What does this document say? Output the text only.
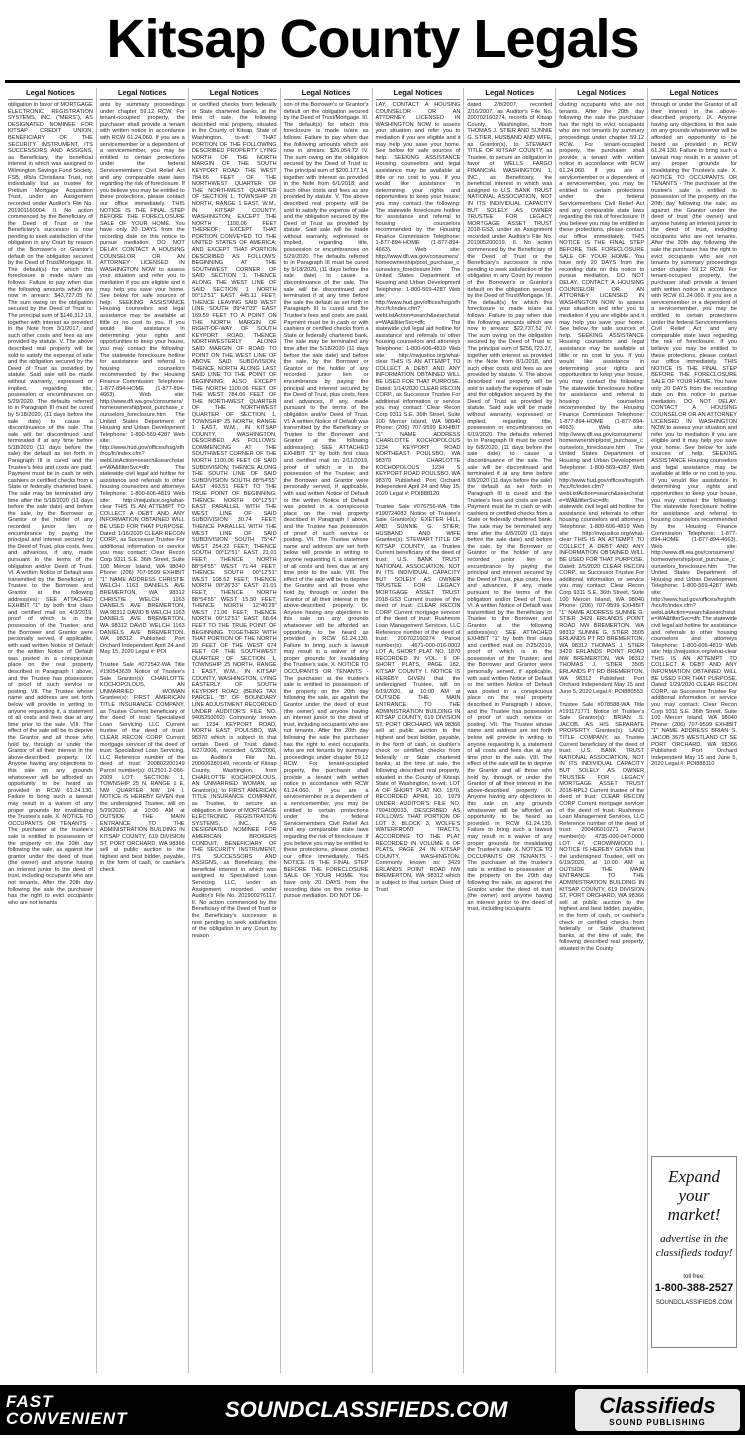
Kitsap County Legals
Legal Notices
obligation in favor of MORTGAGE ELECTRONIC REGISTRATION SYSTEMS, INC. ("MERS"), AS DESIGNATED NOMINEE FOR KITSAP CREDIT UNION, BENEFICIARY OF THE SECURITY INSTRUMENT, ITS SUCCESSORS AND ASSIGNS, as Beneficiary, the beneficial interest in which was assigned to Wilmington Savings Fund Society, FSB, d/b/a Christiana Trust, not individually but as trustee for Pretium Mortgage Acquisition Trust, under an Assignment recorded under Auditor's File No. 201901160004. II. No action commenced by the Beneficiary of the Deed of Trust or the Beneficiary's successor is now pending to seek satisfaction of the obligation in any Court by reason of the Borrower's or Grantor's default on the obligation secured by the Deed of Trust/Mortgage. III. The default(s) for which this foreclosure is made is/are as follows: Failure to pay when due the following amounts which are now in arrears: $43,727.05 IV. The sum owing on the obligation secured by the Deed of Trust is: The principal sum of $146,312.19, together with interest as provided in the Note from 3/1/2017, and such other costs and fees as are provided by statute. V. The above described real property will be sold to satisfy the expense of sale and the obligation secured by the Deed of Trust as provided by statute. Said sale will be made without warranty, expressed or implied, regarding title, possession or encumbrances on 5/29/2020. The defaults referred to in Paragraph III must be cured by 5/18/2020, (11 days before the sale date) to cause a discontinuance of the sale. The sale will be discontinued and terminated if at any time before 5/18/2020 (11 days before the sale) the default as set forth in Paragraph III is cured and the Trustee's fees and costs are paid. Payment must be in cash or with cashiers or certified checks from a State or federally chartered bank. The sale may be terminated any time after the 5/18/2020 (11 days before the sale date) and before the sale, by the Borrower or Grantor or the holder of any recorded junior lien or encumbrance by paying the principal and interest secured by the Deed of Trust, plus costs, fees and advances, if any, made pursuant to the terms of the obligation and/or Deed of Trust. VI. A written Notice of Default was transmitted by the Beneficiary or Trustee to the Borrower and Grantor at the following address(es): SEE ATTACHED EXHIBIT "1" by both first class and certified mail on 4/3/2019, proof of which is in the possession of the Trustee; and the Borrower and Grantor were personally served, if applicable, with said written Notice of Default or the written Notice of Default was posted in a conspicuous place on the real property described in Paragraph I above, and the Trustee has possession of proof of such service or posting. VII. The Trustee whose name and address are set forth below will provide in writing to anyone requesting it, a statement of all costs and fees due at any time prior to the sale. VIII. The effect of the sale will be to deprive the Grantor and all those who hold by, through or under the Grantor of all their interest in the above-described property. IX. Anyone having any objections to this sale on any grounds whatsoever will be afforded an opportunity to be heard as provided in RCW 61.24.130. Failure to bring such a lawsuit may result in a waiver of any proper grounds for invalidating the Trustee's sale. X. NOTICE TO OCCUPANTS OR TENANTS - The purchaser at the trustee's sale is entitled to possession of the property on the 20th day following the sale, as against the grantor under the deed of trust (the owner) and anyone having an interest junior to the deed of trust, including occupants who are not tenants. After the 20th day following the sale the purchaser has the right to evict occupants who are not tenants
Legal Notices
ants by summary proceedings under chapter 59.12 RCW. For tenant-occupied property, the purchaser shall provide a tenant with written notice in accordance with RCW 61.24.060. If you are a servicemember or a dependent of a servicemember, you may be entitled to certain protections under the federal Servicemembers Civil Relief Act and any comparable state laws regarding the risk of foreclosure. If you believe you may be entitled to these protections, please contact our office immediately. THIS NOTICE IS THE FINAL STEP BEFORE THE FORECLOSURE SALE OF YOUR HOME. You have only 20 DAYS from the recording date on this notice to pursue mediation. DO NOT DELAY. CONTACT A HOUSING COUNSELOR OR AN ATTORNEY LICENSED IN WASHINGTON NOW to assess your situation and refer you to mediation if you are eligible and it may help you save your home. See below for safe sources of help. SEEKING ASSISTANCE Housing counselors and legal assistance may be available at little or no cost to you. If you would like assistance in determining your rights and opportunities to keep your house, you may contact the following: The statewide foreclosure hotline for assistance and referral to housing counselors recommended by the Housing Finance Commission: Telephone: 1-877-894-HOME (1-877-894-4663). Web site: http://www.dfi.wa.gov/consumers/homeownership/post_purchase_counselors_foreclosure.htm The United States Department of Housing and Urban Development Telephone: 1-800-569-4287 Web site: http://www.hud.gov/offices/hsg/sfh/hcc/fc/index.cfm?webListAction=search&searchstate=WA&filterSvc=dfc The statewide civil legal aid hotline for assistance and referrals to other housing counselors and attorneys Telephone: 1-800-606-4819 Web site: http://nwjustice.org/what-clear THIS IS AN ATTEMPT TO COLLECT A DEBT AND ANY INFORMATION OBTAINED WILL BE USED FOR THAT PURPOSE. Dated: 1/16/2020 CLEAR RECON CORP., as Successor Trustee For additional information or service you may contact: Clear Recon Corp 9311 S.E. 36th Street, Suite 100 Mercer Island, WA 98040 Phone: (206) 707-9599 EXHIBIT "1" NAME ADDRESS CHRISTIE WELCH 1163 DANIELS AVE BREMERTON, WA 98312 CHRISTIE WELCH 1163 DANIELS AVE BREMERTON, WA 98312 DAVID B WELCH 1163 DANIELS AVE BREMERTON, WA 98312 DAVID WELCH 1163 DANIELS AVE BREMERTON, WA 98312 Published: Port Orchard Independent April 24 and May 15, 2020 Legal #: POI

Trustee Sale #072542-WA Title #190543639 Notice of Trustee's Sale Grantor(s): CHARLOTTE KOCHOPOLOUS, AN UNMARRIED WOMAN Grantee(s): FIRST AMERICAN TITLE INSURANCE COMPANY, as Trustee Current beneficiary of the deed of trust: Specialized Loan Servicing LLC Current trustee of the deed of trust: CLEAR RECON CORP Current mortgage servicer of the deed of trust: Specialized Loan Servicing, LLC Reference number of the deed of trust: 200802200149 Parcel number(s): 012501-2-066-2009 LOT: SECTION: 1, TOWNSHIP 25 N, RANGE 1 E, NW QUARTER NW 1/4 I. NOTICE IS HEREBY GIVEN that the undersigned Trustee, will on 5/29/2020, at 10:00 AM at OUTSIDE THE MAIN ENTRANCE TO THE ADMINISTRATION BUILDING IN KITSAP COUNTY, 619 DIVISION ST, PORT ORCHARD, WA 98366 sell at public auction to the highest and best bidder, payable, in the form of cash, or cashier's check
Legal Notices
or certified checks from federally or State chartered banks, at the time of sale, the following described real property, situated in the County of Kitsap, State of Washington, to-wit: THAT PORTION OF THE FOLLOWING DESCRIBED PROPERTY LYING NORTH OF THE NORTH MARGIN OF THE SOUTH KEYPORT ROAD: THE WEST 784.66 FEET OF THE NORTHWEST QUARTER OF THE NORTHWEST QUARTER OF SECTION 1, TOWNSHIP 25 NORTH, RANGE 1 EAST, W.M., IN KITSAP COUNTY, WASHINGTON; EXCEPT THE NORTH 1100.06 FEET THEREOF; EXCEPT THAT PORTION CONVEYED TO THE UNITED STATES OF AMERICA; AND EXCEPT THAT PORTION DESCRIBED AS FOLLOWS: BEGINNING AT THE SOUTHWEST CORNER OF SAID SECTION 1; THENCE ALONG THE WEST LINE OF SAID SECTION 1 NORTH 00°12'51" EAST 445.11 FEET; THENCE LEAVING SAID WEST LINE SOUTH 89°47'09" EAST 169.59 FEET TO A POINT ON THE NORTH MARGIN OF RIGHT-OF-WAY OF SOUTH KEYPORT ROAD; THENCE NORTHWESTERLY ALONG SAID MARGIN OF ROAD TO POINT ON THE WEST LINE OF ABOVE SAID SUBDIVISION; THENCE NORTH ALONG LAST SAID LINE TO THE POINT OF BEGINNING; ALSO EXCEPT THE NORTH 1100.06 FEET OF THE WEST 784.66 FEET OF THE NORTHWEST QUARTER OF THE NORTHWEST QUARTER OF SECTION 1, TOWNSHIP 25 NORTH, RANGE 1 EAST, W.M., IN KITSAP COUNTY, WASHINGTON, DESCRIBED AS FOLLOWS: COMMENCING AT THE SOUTHWEST CORNER OF THE NORTH 1100.06 FEET OF SAID SUBDIVISION; THENCE ALONG THE SOUTH LINE OF SAID SUBDIVISION SOUTH 88°54'55" EAST 493.51 FEET TO THE TRUE POINT OF BEGINNING; THENCE NORTH 00°12'51" EAST PARALLEL WITH THE WEST LINE OF SAID SUBDIVISION 30.74 FEET; THENCE PARALLEL WITH THE WEST LINE OF SAID SUBDIVISION SOUTH 75°47' WEST 254.22 FEET; THENCE SOUTH 00°12'51" EAST 21.01 FEET; THENCE NORTH 88°54'55" WEST 71.44 FEET; THENCE SOUTH 00°12'51" WEST 108.52 FEET; THENCE NORTH 00°26'33" EAST 21.01 FEET; THENCE NORTH 88°54'55" WEST 15.50 FEET; THENCE NORTH 12°40'29" WEST 71.06 FEET; THENCE NORTH 00°12'51" EAST 68.64 FEET TO THE TRUE POINT OF BEGINNING. TOGETHER WITH THAT PORTION OF THE NORTH 20 FEET OF THE WEST 674 FEET OF THE SOUTHWEST QUARTER OF SECTION 1, TOWNSHIP 25 NORTH, RANGE 1 EAST, W.M., IN KITSAP COUNTY, WASHINGTON, LYING EASTERLY OF SOUTH KEYPORT ROAD; (BEING TAX PARCEL "B" OF BOUNDARY LINE ADJUSTMENT RECORDED UNDER AUDITOR'S FILE NO. 9405250092) Commonly known as: 1234 KEYPORT ROAD, NORTH EAST POULSBO, WA 98370 which is subject to that certain Deed of Trust dated 6/27/2006, recorded 6/28/2006, as Auditor's File No. 200606280149, records of Kitsap County, Washington, from CHARLOTTE KOCHOPOLOUS, AN UNMARRIED WOMAN, as Grantor(s), to FIRST AMERICAN TITLE INSURANCE COMPANY, as Trustee, to secure an obligation in favor of MORTGAGE ELECTRONIC REGISTRATION SYSTEMS, INC., AS DESIGNATED NOMINEE FOR AMERICAN BROKERS CONDUIT, BENEFICIARY OF THE SECURITY INSTRUMENT, ITS SUCCESSORS AND ASSIGNS, as Beneficiary, the beneficial interest in which was assigned to Specialized Loan Servicing LLC, under an Assignment recorded under Auditor's File No. 201900276117. II. No action commenced by the Beneficiary of the Deed of Trust or the Beneficiary's successor is now pending to seek satisfaction of the obligation in any Court by reason
Legal Notices
son of the Borrower's or Grantor's default on the obligation secured by the Deed of Trust/Mortgage. III. The default(s) for which this foreclosure is made is/are as follows: Failure to pay when due the following amounts which are now in arrears: $26,054.72 IV. The sum owing on the obligation secured by the Deed of Trust is: The principal sum of $200,177.14, together with interest as provided in the Note from 6/1/2018, and such other costs and fees as are provided by statute. V. The above described real property will be sold to satisfy the expense of sale and the obligation secured by the Deed of Trust as provided by statute. Said sale will be made without warranty, expressed or implied, regarding title, possession or encumbrances on 5/29/2020. The defaults referred to in Paragraph III must be cured by 5/18/2020, (11 days before the sale date) to cause a discontinuance of the sale. The sale will be discontinued and terminated if at any time before the sale the default as set forth in Paragraph III is cured and the Trustee's fees and costs are paid. Payment must be in cash or with cashiers or certified checks from a State or federally chartered bank. The sale may be terminated any time after the 5/18/2020 (11 days before the sale date) and before the sale, by the Borrower or Grantor or the holder of any recorded junior lien or encumbrance by paying the principal and interest secured by the Deed of Trust, plus costs, fees and advances, if any, made pursuant to the terms of the obligation and/or Deed of Trust. VI. A written Notice of Default was transmitted by the Beneficiary or Trustee to the Borrower and Grantor at the following address(es): SEE ATTACHED EXHIBIT "1" by both first class and certified mail on 2/11/2019, proof of which is in the possession of the Trustee; and the Borrower and Grantor were personally served, if applicable, with said written Notice of Default or the written Notice of Default was posted in a conspicuous place on the real property described in Paragraph I above, and the Trustee has possession of proof of such service or posting. VII. The Trustee whose name and address are set forth below will provide in writing to anyone requesting it, a statement of all costs and fees due at any time prior to the sale. VIII. The effect of the sale will be to deprive the Grantor and all those who hold by, through or under the Grantor of all their interest in the above-described property. IX. Anyone having any objections to this sale on any grounds whatsoever will be afforded an opportunity to be heard as provided in RCW 61.24.130. Failure to bring such a lawsuit may result in a waiver of any proper grounds for invalidating the Trustee's sale. X. NOTICE TO OCCUPANTS OR TENANTS - The purchaser at the trustee's sale is entitled to possession of the property on the 20th day following the sale, as against the Grantor under the deed of trust (the owner) and anyone having an interest junior to the deed of trust, including occupants who are not tenants. After the 20th day following the sale the purchaser has the right to evict occupants who are not tenants by summary proceedings under chapter 59.12 RCW. For tenant-occupied property, the purchaser shall provide a tenant with written notice in accordance with RCW 61.24.060. If you are a servicemember or a dependent of a servicemember, you may be entitled to certain protections under the federal Servicemembers Civil Relief Act and any comparable state laws regarding the risk of foreclosure. If you believe you may be entitled to these protections, please contact our office immediately. THIS NOTICE IS THE FINAL STEP BEFORE THE FORECLOSURE SALE OF YOUR HOME. You have only 20 DAYS from the recording date on this notice to pursue mediation. DO NOT DE-
Legal Notices
LAY. CONTACT A HOUSING COUNSELOR OR AN ATTORNEY LICENSED IN WASHINGTON NOW to assess your situation and refer you to mediation if you are eligible and it may help you save your home. See below for safe sources of help. SEEKING ASSISTANCE Housing counselors and legal assistance may be available at little or no cost to you. If you would like assistance in determining your rights and opportunities to keep your house, you may contact the following: The statewide foreclosure hotline for assistance and referral to housing counselors recommended by the Housing Finance Commission Telephone: 1-877-894-HOME (1-877-894-4663). Web site: http://www.dfi.wa.gov/consumers/homeownership/post_purchase_counselors_foreclosure.htm The United States Department of Housing and Urban Development Telephone: 1-800-569-4287 Web site: http://www.hud.gov/offices/hsg/sfh/hcc/fc/index.cfm?webListAction=search&searchstate=WA&filterSvc=dfc The statewide civil legal aid hotline for assistance and referrals to other housing counselors and attorneys Telephone: 1-800-606-4819 Web site: http://nwjustice.org/what-clear THIS IS AN ATTEMPT TO COLLECT A DEBT AND ANY INFORMATION OBTAINED WILL BE USED FOR THAT PURPOSE. Dated: 1/14/2020 CLEAR RECON CORP., as Successor Trustee For additional information or service you may contact: Clear Recon Corp 9311 S.E. 36th Street, Suite 100 Mercer Island, WA 98040 Phone: (206) 707-9599 EXHIBIT "1" NAME ADDRESS CHARLOTTE KOCHOPOLOUS 1234 KEYPORT ROAD NORTHEAST POULSBO, WA 98370 CHARLOTTE KOCHOPOLOUS 1234 S KEYPORT ROAD POULSBO, WA 98370 Published: Port Orchard Independent April 24 and May 15, 2020 Legal #: POI888120

Trustee Sale #076756-WA Title #190724083 Notice of Trustee's Sale Grantor(s): EXETER HILL, AND SUNNIE G. STIER, HUSBAND AND WIFE Grantee(s): STEWART TITLE OF KITSAP COUNTY, as Trustee Current beneficiary of the deed of trust: U.S. BANK TRUST NATIONAL ASSOCIATION, NOT IN ITS INDIVIDUAL CAPACITY BUT SOLELY AS OWNER TRUSTEE FOR LEGACY MORTGAGE ASSET TRUST 2018-GS3 Current trustee of the deed of trust: CLEAR RECON CORP Current mortgage servicer of the deed of trust: Rushmore Loan Management Services, LLC Reference number of the deed of trust: 200702160274 Parcel number(s): 4671-000-016-0002 LOT A, SHORT PLAT NO. 1870 RECORDED IN VOL. 6 OF SHORT PLATS, PAGE 182, KITSAP COUNTY I. NOTICE IS HEREBY GIVEN that the undersigned Trustee, will on 6/19/2020, at 10:00 AM at OUTSIDE THE MAIN ENTRANCE TO THE ADMINISTRATION BUILDING IN KITSAP COUNTY, 619 DIVISION ST, PORT ORCHARD, WA 98366 sell at public auction to the highest and best bidder, payable, in the form of cash, or cashier's check or certified checks from federally or State chartered banks, at the time of sale, the following described real property, situated in the County of Kitsap, State of Washington, to-wit: LOT A OF SHORT PLAT NO. 1870, RECORDED APRIL 10, 1979 UNDER AUDITOR'S FILE NO. 7904100033, DESCRIBED AS FOLLOWS: THAT PORTION OF LOT 3, BLOCK 3, WOLFE'S WATERFRONT TRACTS, ACCORDING TO THE PLAT RECORDED IN VOLUME 6 OF PLATS, PAGE 24 IN KITSAP COUNTY, WASHINGTON. Commonly known as: 3429 ERLANDS POINT ROAD NW BREMERTON, WA 98312 which is subject to that certain Deed of Trust
Legal Notices
dated 2/8/2007, recorded 2/16/2007, as Auditor's File No. 200702160274, records of Kitsap County, Washington, from THOMAS J. STIER AND SUNNIE G. STIER, HUSBAND AND WIFE, as Grantor(s), to STEWART TITLE OF KITSAP COUNTY, as Trustee, to secure an obligation in favor of WELLS FARGO FINANCIAL WASHINGTON 1, INC., as Beneficiary, the beneficial interest in which was assigned to U.S. BANK TRUST NATIONAL ASSOCIATION, NOT IN ITS INDIVIDUAL CAPACITY BUT SOLELY AS OWNER TRUSTEE FOR LEGACY MORTGAGE ASSET TRUST 2018-GS3, under an Assignment recorded under Auditor's File No. 201905200019. II. No action commenced by the Beneficiary of the Deed of Trust or the Beneficiary's successor is now pending to seek satisfaction of the obligation in any Court by reason of the Borrower's or Grantor's default on the obligation secured by the Deed of Trust/Mortgage. III. The default(s) for which this foreclosure is made is/are as follows: Failure to pay when due the following amounts which are now in arrears: $22,737.52 IV. The sum owing on the obligation secured by the Deed of Trust is: The principal sum of $256,723.27, together with interest as provided in the Note from 8/1/2018, and such other costs and fees as are provided by statute. V. The above described real property will be sold to satisfy the expense of sale and the obligation secured by the Deed of Trust as provided by statute. Said sale will be made without warranty, expressed or implied, regarding title, possession or encumbrances on 6/19/2020. The defaults referred to in Paragraph III must be cured by 6/8/2020, (11 days before the sale date) to cause a discontinuance of the sale. The sale will be discontinued and terminated if at any time before 6/8/2020 (11 days before the sale) the default as set forth in Paragraph III is cured and the Trustee's fees and costs are paid. Payment must be in cash or with cashiers or certified checks from a State or federally chartered bank. The sale may be terminated any time after the 6/8/2020 (11 days before the sale date) and before the sale, by the Borrower or Grantor or the holder of any recorded junior lien or encumbrance by paying the principal and interest secured by the Deed of Trust, plus costs, fees and advances, if any, made pursuant to the terms of the obligation and/or Deed of Trust. VI. A written Notice of Default was transmitted by the Beneficiary or Trustee to the Borrower and Grantor at the following address(es): SEE ATTACHED EXHIBIT "1" by both first class and certified mail on 2/25/2019, proof of which is in the possession of the Trustee; and the Borrower and Grantor were personally served, if applicable, with said written Notice of Default or the written Notice of Default was posted in a conspicuous place on the real property described in Paragraph I above, and the Trustee has possession of proof of such service or posting. VII. The Trustee whose name and address are set forth below will provide in writing to anyone requesting it, a statement of all costs and fees due at any time prior to the sale. VIII. The effect of the sale will be to deprive the Grantor and all those who hold by, through or under the Grantor of all their interest in the above-described property. IX. Anyone having any objections to this sale on any grounds whatsoever will be afforded an opportunity to be heard as provided in RCW 61.24.130. Failure to bring such a lawsuit may result in a waiver of any proper grounds for invalidating the Trustee's sale. X. NOTICE TO OCCUPANTS OR TENANTS - The purchaser at the trustee's sale is entitled to possession of the property on the 20th day following the sale, as against the Grantor under the deed of trust (the owner) and anyone having an interest junior to the deed of trust, including occupants
Legal Notices
cluding occupants who are not tenants. After the 20th day following the sale the purchaser has the right to evict occupants who are not tenants by summary proceedings under chapter 59.12 RCW. For tenant-occupied property, the purchaser shall provide a tenant with written notice in accordance with RCW 61.24.060. If you are a servicemember or a dependent of a servicemember, you may be entitled to certain protections under the federal Servicemembers Civil Relief Act and any comparable state laws regarding the risk of foreclosure. If you believe you may be entitled to these protections, please contact our office immediately. THIS NOTICE IS THE FINAL STEP BEFORE THE FORECLOSURE SALE OF YOUR HOME. You have only 20 DAYS from the recording date on this notice to pursue mediation. DO NOT DELAY. CONTACT A HOUSING COUNSELOR OR AN ATTORNEY LICENSED IN WASHINGTON NOW to assess your situation and refer you to mediation if you are eligible and it may help you save your home. See below for safe sources of help. SEEKING ASSISTANCE Housing counselors and legal assistance may be available at little or no cost to you. If you would like assistance in determining your rights and opportunities to keep your house, you may contact the following: The statewide foreclosure hotline for assistance and referral to housing counselors recommended by the Housing Finance Commission Telephone: 1-877-894-HOME (1-877-894-4663). Web site: http://www.dfi.wa.gov/consumers/homeownership/post_purchase_counselors_foreclosure.htm The United States Department of Housing and Urban Development Telephone: 1-800-569-4287 Web site: http://www.hud.gov/offices/hsg/sfh/hcc/fc/index.cfm?webListAction=search&searchstate=WA&filterSvc=dfc The statewide civil legal aid hotline for assistance and referrals to other housing counselors and attorneys Telephone: 1-800-606-4819 Web site: http://nwjustice.org/what-clear THIS IS AN ATTEMPT TO COLLECT A DEBT AND ANY INFORMATION OBTAINED WILL BE USED FOR THAT PURPOSE. Dated: 2/5/2020 CLEAR RECON CORP., as Successor Trustee For additional information or service you may contact: Clear Recon Corp 9311 S.E. 36th Street, Suite 100 Mercer Island, WA 98040 Phone: (206) 707-9599 EXHIBIT "1" NAME ADDRESS SUNNIE G. STIER 3429 ERLANDS POINT ROAD NW BREMERTON, WA 98312 SUNNIE G. STIER 3505 ERLANDS PT RD BREMERTON, WA 98312 THOMAS J. STIER 3429 ERLANDS POINT ROAD NW BREMERTON, WA 98312 THOMAS J. STIER 3505 ERLANDS PT RD BREMERTON, WA 98312 Published: Port Orchard Independent May 15 and June 5, 2020 Legal #: POI880553

Trustee Sale #078588-WA Title #191171771 Notice of Trustee's Sale Grantor(s): BRIAN S. JACOB, AS HIS SEPARATE PROPERTY Grantee(s): LAND TITLE COMPANY, as Trustee Current beneficiary of the deed of trust: U.S. BANK TRUST NATIONAL ASSOCIATION, NOT IN ITS INDIVIDUAL CAPACITY BUT SOLELY AS OWNER TRUSTEE FOR LEGACY MORTGAGE ASSET TRUST 2018-RPL2 Current trustee of the deed of trust: CLEAR RECON CORP Current mortgage servicer of the deed of trust: Rushmore Loan Management Services, LLC Reference number of the deed of trust: 200406010271 Parcel number(s): 4735-000-047-0000 LOT 47, CROWNWOOD I. NOTICE IS HEREBY GIVEN that the undersigned Trustee, will on 6/19/2020, at 10:00 AM at OUTSIDE THE MAIN ENTRANCE TO THE ADMINISTRATION BUILDING IN KITSAP COUNTY, 619 DIVISION ST, PORT ORCHARD, WA 98366 sell at public auction to the highest and best bidder, payable, in the form of cash, or cashier's check or certified checks from federally or State chartered banks, at the time of sale, the following described real property, situated in the County
Legal Notices
through or under the Grantor of all their interest in the above-described property. IX. Anyone having any objections to this sale on any grounds whatsoever will be afforded an opportunity to be heard as provided in RCW 61.24.130. Failure to bring such a lawsuit may result in a waiver of any proper grounds for invalidating the Trustee's sale. X. NOTICE TO OCCUPANTS OR TENANTS - The purchaser at the trustee's sale is entitled to possession of the property on the 20th day following the sale, as against the Grantor under the deed of trust (the owner) and anyone having an interest junior to the deed of trust, including occupants who are not tenants. After the 20th day following the sale the purchaser has the right to evict occupants who are not tenants by summary proceedings under chapter 59.12 RCW. For tenant-occupied property, the purchaser shall provide a tenant with written notice in accordance with RCW 61.24.060. If you are a servicemember or a dependent of a servicemember, you may be entitled to certain protections under the federal Servicemembers Civil Relief Act and any comparable state laws regarding the risk of foreclosure. If you believe you may be entitled to these protections, please contact our office immediately. THIS NOTICE IS THE FINAL STEP BEFORE THE FORECLOSURE SALE OF YOUR HOME. You have only 20 DAYS from the recording date on this notice to pursue mediation. DO NOT DELAY. CONTACT A HOUSING COUNSELOR OR AN ATTORNEY LICENSED IN WASHINGTON NOW to assess your situation and refer you to mediation if you are eligible and it may help you save your home. See below for safe sources of help. SEEKING ASSISTANCE Housing counselors and legal assistance may be available at little or no cost to you. If you would like assistance in determining your rights and opportunities to keep your house, you may contact the following: The statewide foreclosure hotline for assistance and referral to housing counselors recommended by the Housing Finance Commission Telephone: 1-877-894-HOME (1-877-894-4663). Web site: http://www.dfi.wa.gov/consumers/homeownership/post_purchase_counselors_foreclosure.htm The United States Department of Housing and Urban Development Telephone: 1-800-569-4287 Web site: http://www.hud.gov/offices/hsg/sfh/hcc/fc/index.cfm?webListAction=search&searchstate=WA&filterSvc=dfc The statewide civil legal aid hotline for assistance and referrals to other housing counselors and attorneys Telephone: 1-800-606-4819 Web site: http://nwjustice.org/what-clear THIS IS AN ATTEMPT TO COLLECT A DEBT AND ANY INFORMATION OBTAINED WILL BE USED FOR THAT PURPOSE. Dated: 1/29/2020 CLEAR RECON CORP., as Successor Trustee For additional information or service you may contact: Clear Recon Corp 9311 S.E. 36th Street, Suite 100 Mercer Island, WA 98040 Phone: (206) 707-9599 EXHIBIT "1" NAME ADDRESS BRIAN S. JACOB 3675 WESTLAND CT SE PORT ORCHARD, WA 98366 Published: Port Orchard Independent May 15 and June 5, 2020 Legal #: POI888110
Expand your market!
advertise in the classifieds today!
toll free:
1-800-388-2527
SOUNDCLASSIFIEDS.COM
FAST
CONVENIENT	SOUNDCLASSIFIEDS.COM	Classifieds
SOUND PUBLISHING
